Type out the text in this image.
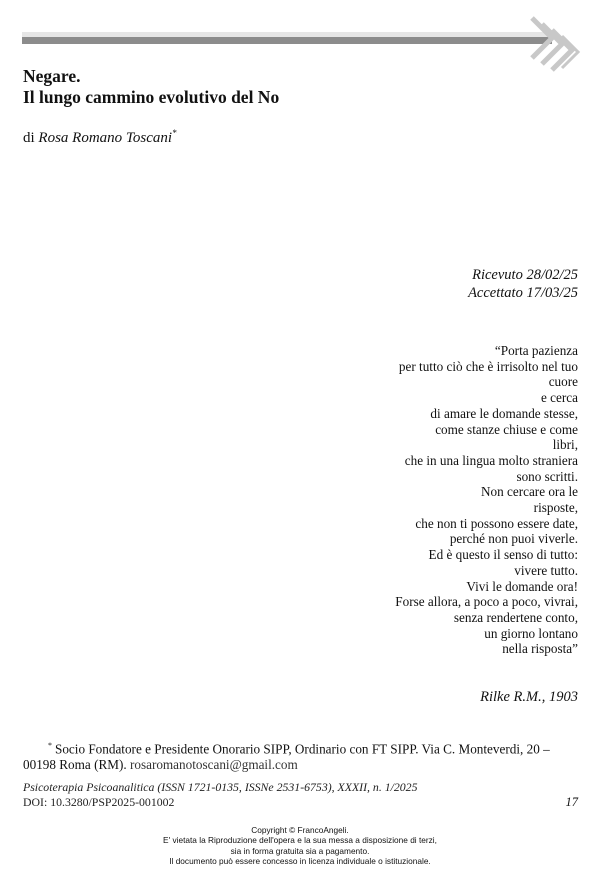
Negare.
Il lungo cammino evolutivo del No
di Rosa Romano Toscani*
Ricevuto 28/02/25
Accettato 17/03/25
“Porta pazienza
per tutto ciò che è irrisolto nel tuo
cuore
e cerca
di amare le domande stesse,
come stanze chiuse e come
libri,
che in una lingua molto straniera
sono scritti.
Non cercare ora le
risposte,
che non ti possono essere date,
perché non puoi viverle.
Ed è questo il senso di tutto:
vivere tutto.
Vivi le domande ora!
Forse allora, a poco a poco, vivrai,
senza rendertene conto,
un giorno lontano
nella risposta”
Rilke R.M., 1903
* Socio Fondatore e Presidente Onorario SIPP, Ordinario con FT SIPP. Via C. Monteverdi, 20 – 00198 Roma (RM). rosaromanotoscani@gmail.com
Psicoterapia Psicoanalitica (ISSN 1721-0135, ISSNe 2531-6753), XXXII, n. 1/2025
DOI: 10.3280/PSP2025-001002	17
Copyright © FrancoAngeli.
E' vietata la Riproduzione dell'opera e la sua messa a disposizione di terzi,
sia in forma gratuita sia a pagamento.
Il documento può essere concesso in licenza individuale o istituzionale.
